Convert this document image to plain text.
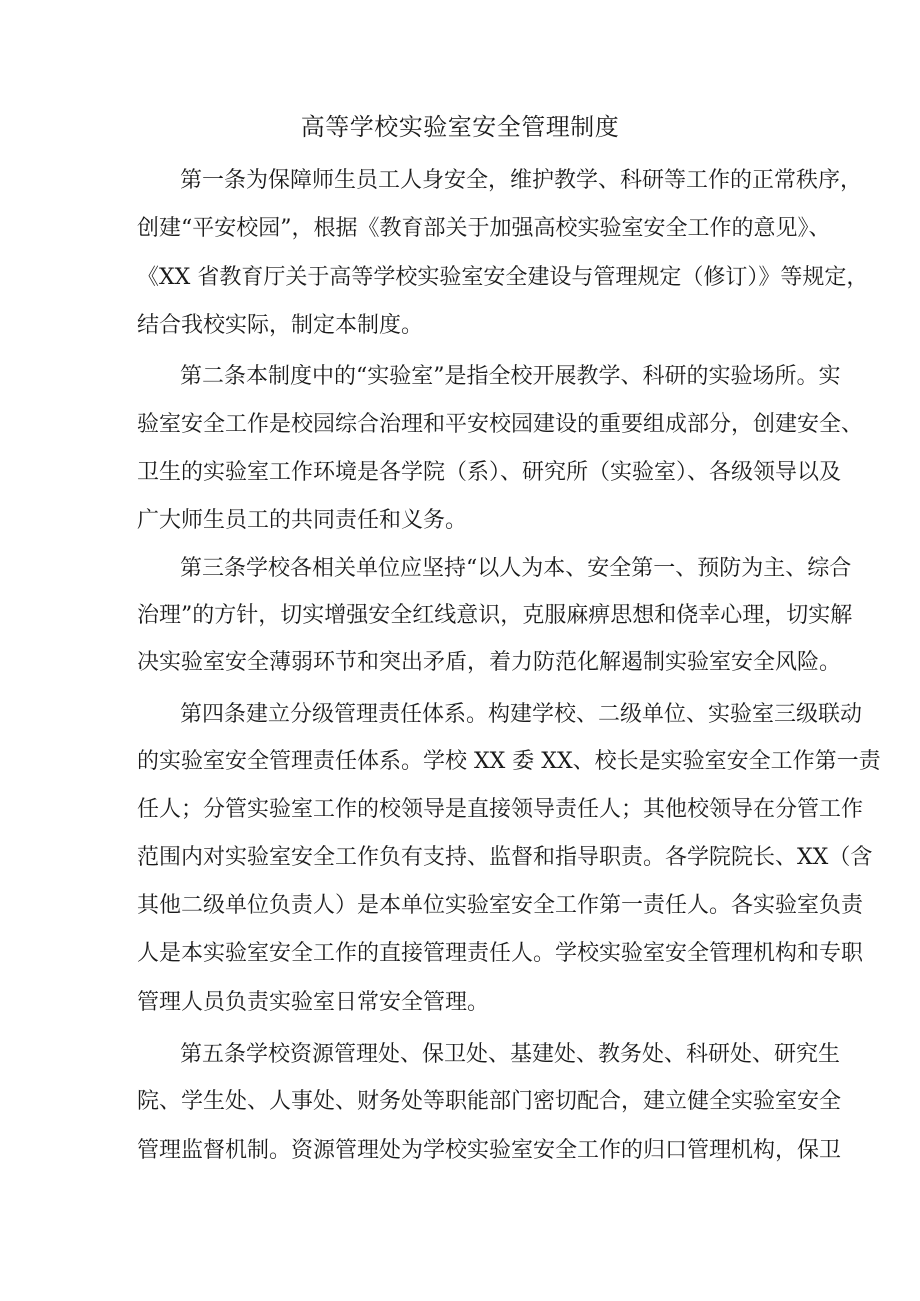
高等学校实验室安全管理制度
第一条为保障师生员工人身安全，维护教学、科研等工作的正常秩序，
创建“平安校园”，根据《教育部关于加强高校实验室安全工作的意见》、
《XX 省教育厅关于高等学校实验室安全建设与管理规定（修订）》等规定，
结合我校实际，制定本制度。
第二条本制度中的“实验室”是指全校开展教学、科研的实验场所。实
验室安全工作是校园综合治理和平安校园建设的重要组成部分，创建安全、
卫生的实验室工作环境是各学院（系）、研究所（实验室）、各级领导以及
广大师生员工的共同责任和义务。
第三条学校各相关单位应坚持“以人为本、安全第一、预防为主、综合
治理”的方针，切实增强安全红线意识，克服麻痹思想和侥幸心理，切实解
决实验室安全薄弱环节和突出矛盾，着力防范化解遏制实验室安全风险。
第四条建立分级管理责任体系。构建学校、二级单位、实验室三级联动
的实验室安全管理责任体系。学校 XX 委 XX、校长是实验室安全工作第一责
任人；分管实验室工作的校领导是直接领导责任人；其他校领导在分管工作
范围内对实验室安全工作负有支持、监督和指导职责。各学院院长、XX（含
其他二级单位负责人）是本单位实验室安全工作第一责任人。各实验室负责
人是本实验室安全工作的直接管理责任人。学校实验室安全管理机构和专职
管理人员负责实验室日常安全管理。
第五条学校资源管理处、保卫处、基建处、教务处、科研处、研究生
院、学生处、人事处、财务处等职能部门密切配合，建立健全实验室安全
管理监督机制。资源管理处为学校实验室安全工作的归口管理机构，保卫
